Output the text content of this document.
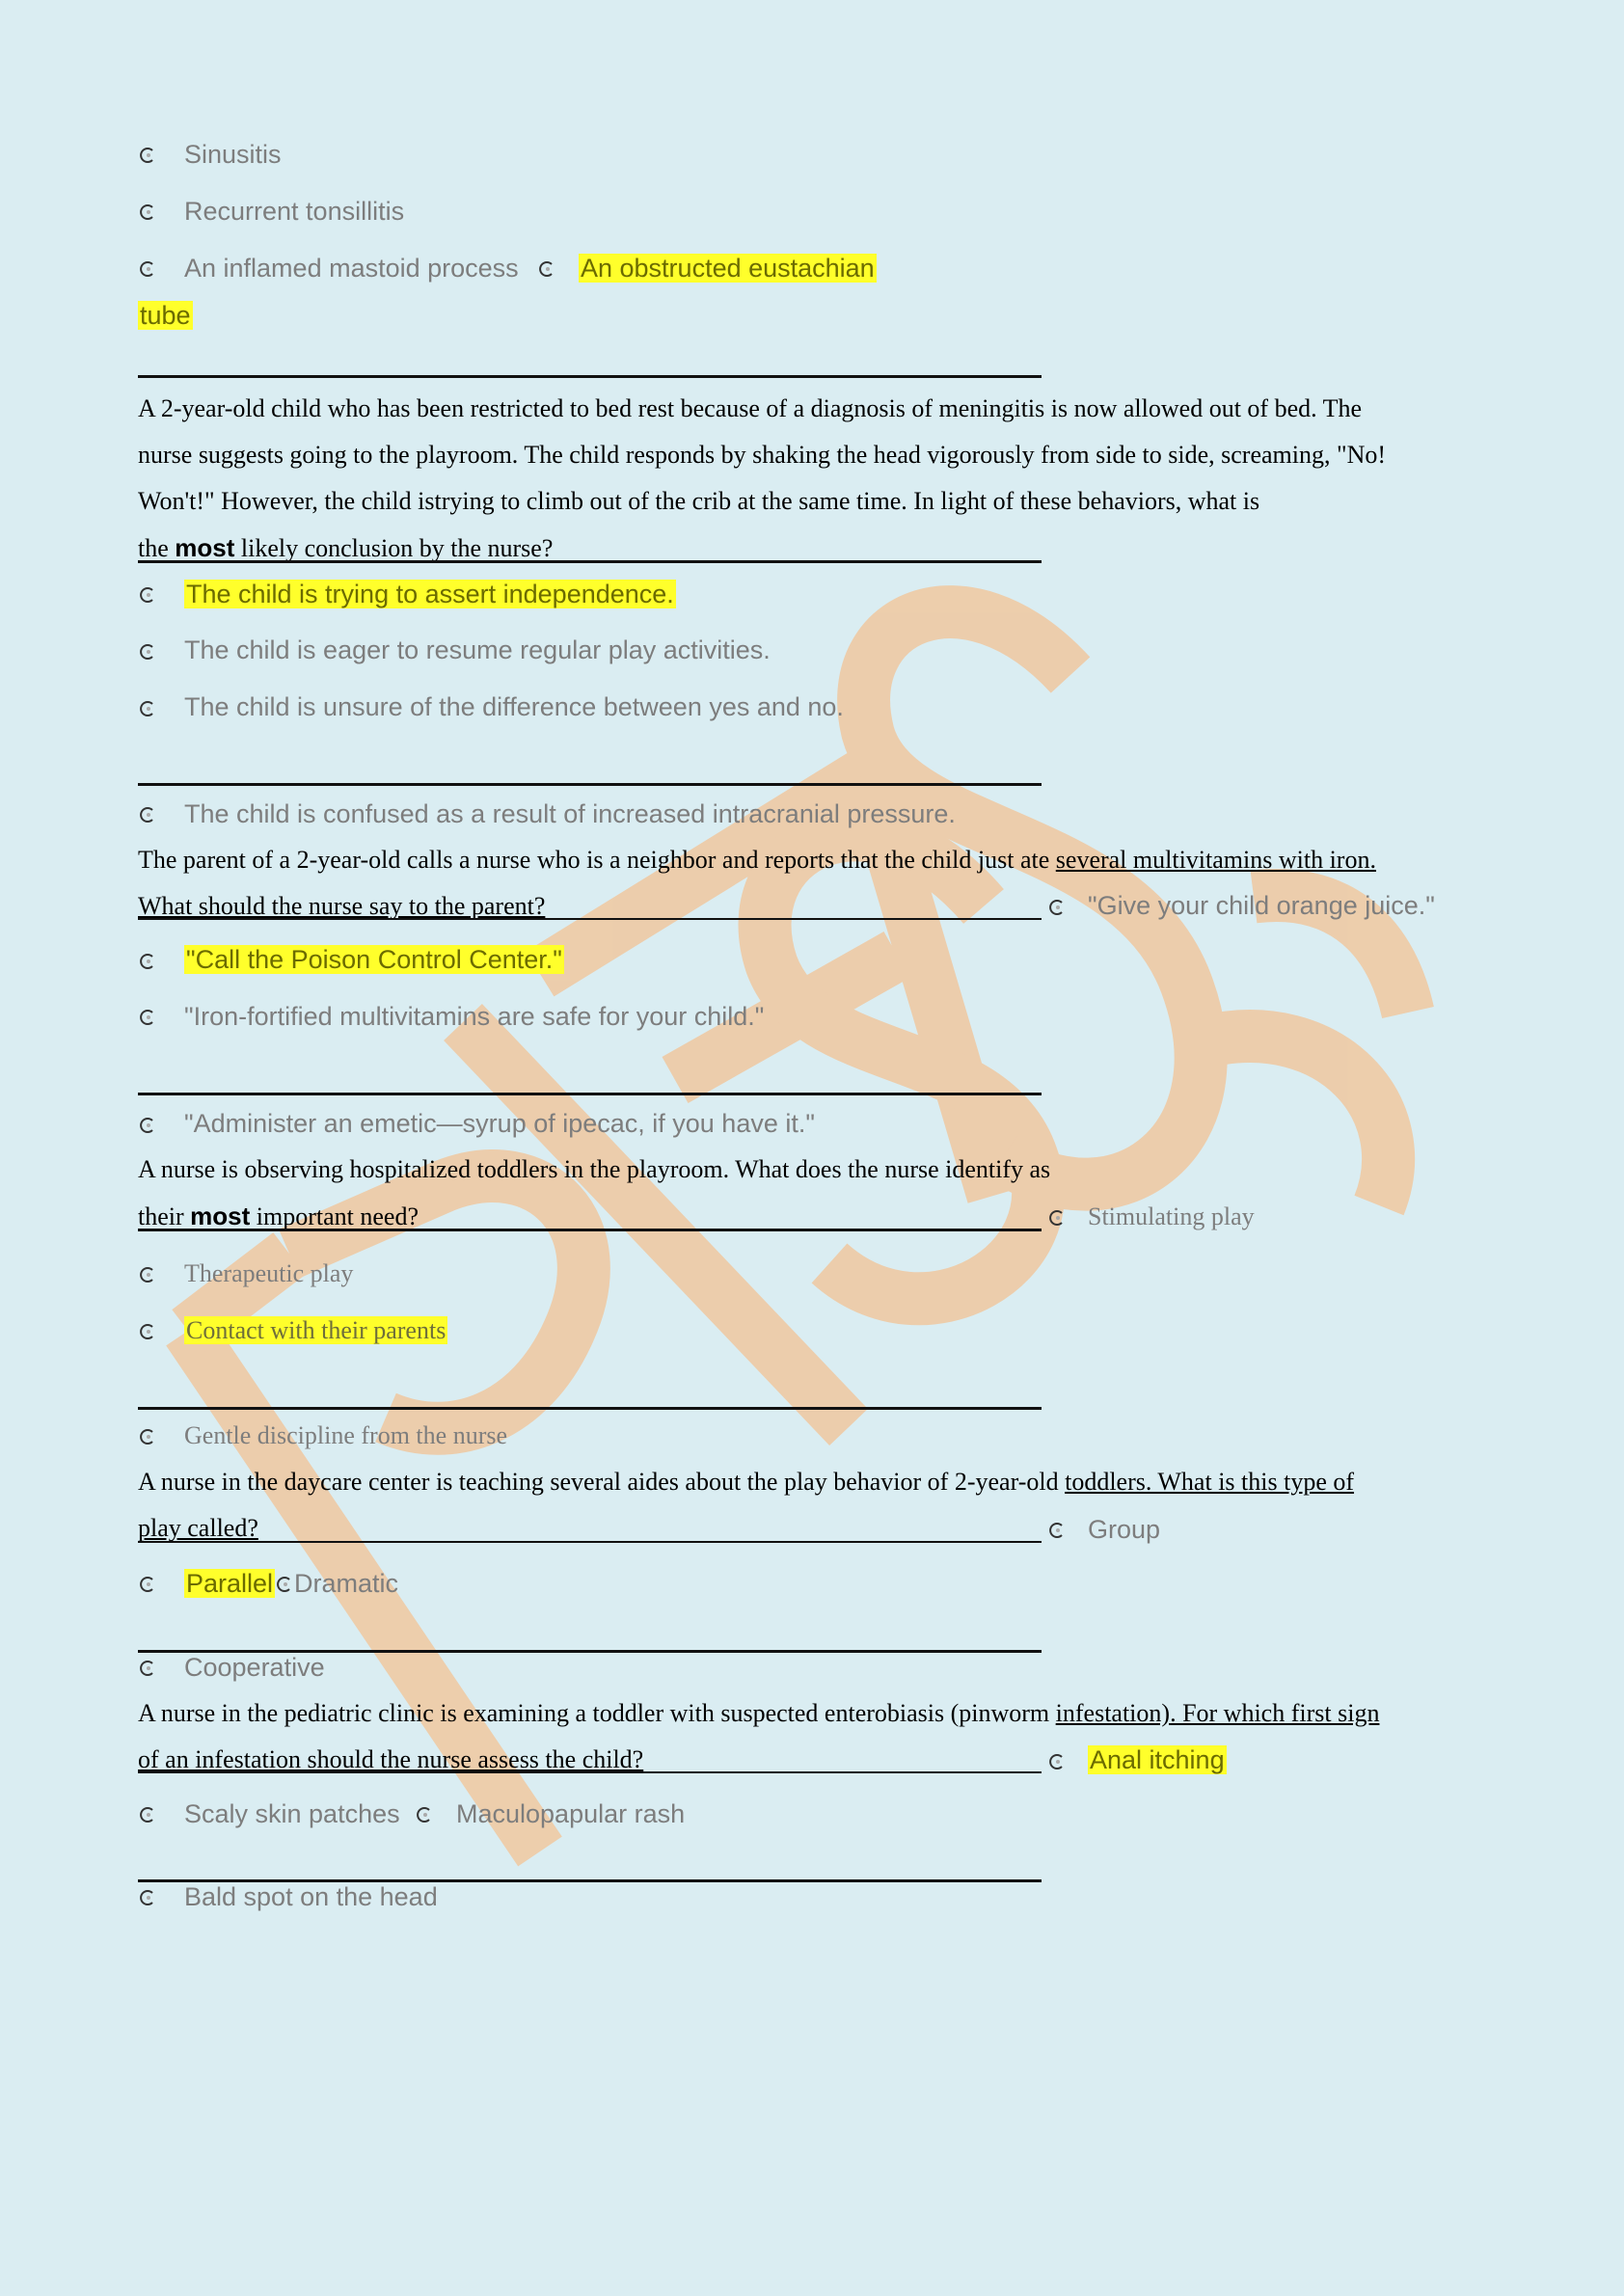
Sinusitis
Recurrent tonsillitis
An inflamed mastoid process An obstructed eustachian
tube
A 2-year-old child who has been restricted to bed rest because of a diagnosis of meningitis is now allowed out of bed. The
nurse suggests going to the playroom. The child responds by shaking the head vigorously from side to side, screaming, "No!
Won't!" However, the child istrying to climb out of the crib at the same time. In light of these behaviors, what is
the most likely conclusion by the nurse?
The child is trying to assert independence.
The child is eager to resume regular play activities.
The child is unsure of the difference between yes and no.
The child is confused as a result of increased intracranial pressure.
The parent of a 2-year-old calls a nurse who is a neighbor and reports that the child just ate several multivitamins with iron.
What should the nurse say to the parent?	"Give your child orange juice."
"Call the Poison Control Center."
"Iron-fortified multivitamins are safe for your child."
"Administer an emetic—syrup of ipecac, if you have it."
A nurse is observing hospitalized toddlers in the playroom. What does the nurse identify as
their most important need?	Stimulating play
Therapeutic play
Contact with their parents
Gentle discipline from the nurse
A nurse in the daycare center is teaching several aides about the play behavior of 2-year-old toddlers. What is this type of
play called?	Group
Parallel Dramatic
Cooperative
A nurse in the pediatric clinic is examining a toddler with suspected enterobiasis (pinworm infestation). For which first sign
of an infestation should the nurse assess the child?	Anal itching
Scaly skin patches Maculopapular rash
Bald spot on the head
